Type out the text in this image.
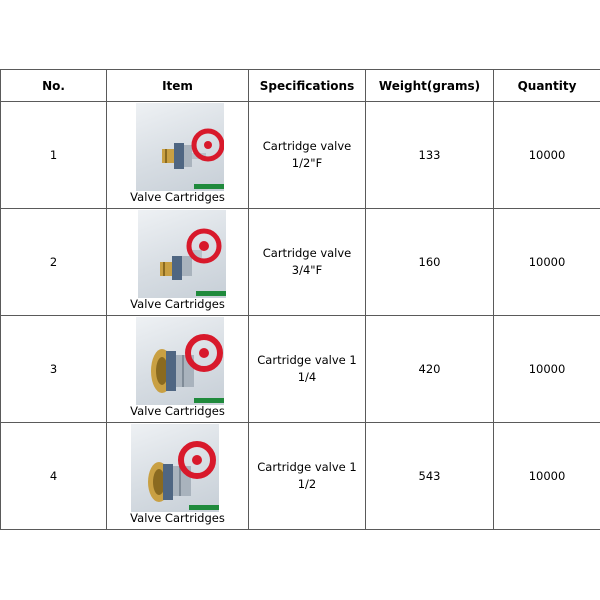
No.	Item	Specifications	Weight(grams)	Quantity
1	Valve Cartridges	Cartridge valve 1/2"F	133	10000
2	Valve Cartridges	Cartridge valve 3/4"F	160	10000
3	Valve Cartridges	Cartridge valve 1 1/4	420	10000
4	Valve Cartridges	Cartridge valve 1 1/2	543	10000
